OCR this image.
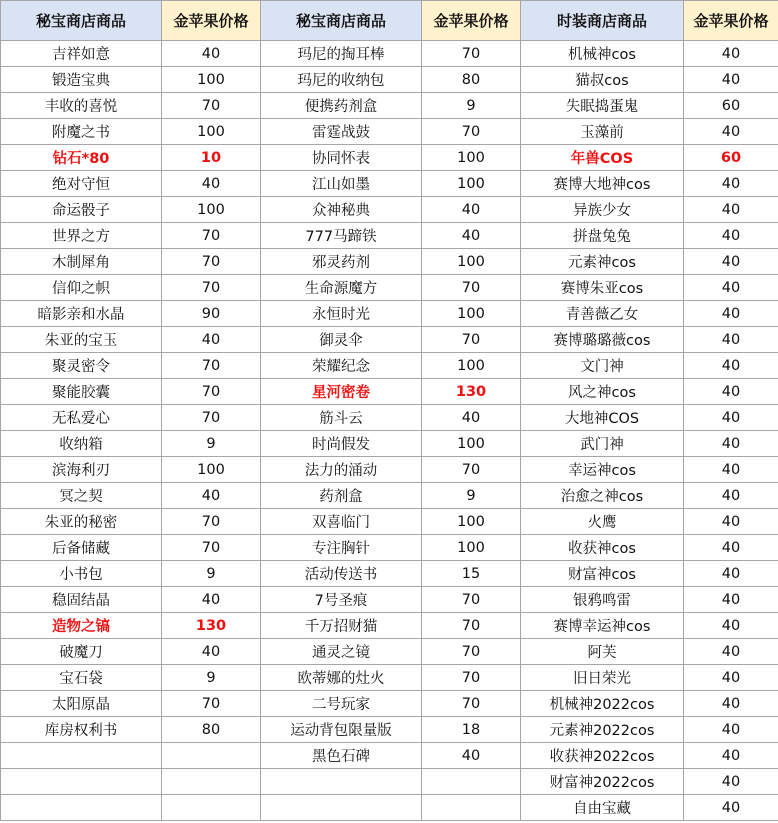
秘宝商店商品	金苹果价格	秘宝商店商品	金苹果价格	时装商店商品	金苹果价格
吉祥如意	40	玛尼的掏耳棒	70	机械神cos	40
锻造宝典	100	玛尼的收纳包	80	猫叔cos	40
丰收的喜悦	70	便携药剂盒	9	失眠捣蛋鬼	60
附魔之书	100	雷霆战鼓	70	玉藻前	40
钻石*80	10	协同怀表	100	年兽COS	60
绝对守恒	40	江山如墨	100	赛博大地神cos	40
命运骰子	100	众神秘典	40	异族少女	40
世界之方	70	777马蹄铁	40	拼盘兔兔	40
木制犀角	70	邪灵药剂	100	元素神cos	40
信仰之帜	70	生命源魔方	70	赛博朱亚cos	40
暗影亲和水晶	90	永恒时光	100	青善薇乙女	40
朱亚的宝玉	40	御灵伞	70	赛博璐璐薇cos	40
聚灵密令	70	荣耀纪念	100	文门神	40
聚能胶囊	70	星河密卷	130	风之神cos	40
无私爱心	70	筋斗云	40	大地神COS	40
收纳箱	9	时尚假发	100	武门神	40
滨海利刃	100	法力的涌动	70	幸运神cos	40
冥之契	40	药剂盒	9	治愈之神cos	40
朱亚的秘密	70	双喜临门	100	火鹰	40
后备储藏	70	专注胸针	100	收获神cos	40
小书包	9	活动传送书	15	财富神cos	40
稳固结晶	40	7号圣痕	70	银鸦鸣雷	40
造物之镐	130	千万招财猫	70	赛博幸运神cos	40
破魔刀	40	通灵之镜	70	阿芙	40
宝石袋	9	欧蒂娜的灶火	70	旧日荣光	40
太阳原晶	70	二号玩家	70	机械神2022cos	40
库房权利书	80	运动背包限量版	18	元素神2022cos	40
		黑色石碑	40	收获神2022cos	40
				财富神2022cos	40
				自由宝藏	40
